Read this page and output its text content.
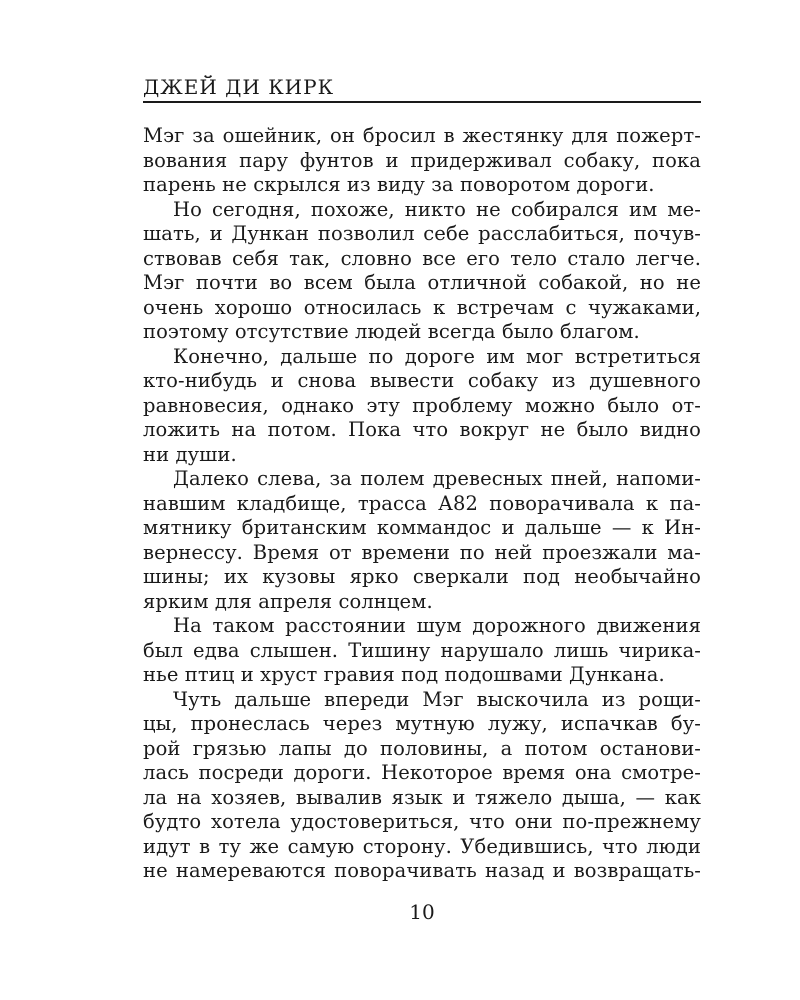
ДЖЕЙ ДИ КИРК
Мэг за ошейник, он бросил в жестянку для пожерт-
вования пару фунтов и придерживал собаку, пока
парень не скрылся из виду за поворотом дороги.
Но сегодня, похоже, никто не собирался им ме-
шать, и Дункан позволил себе расслабиться, почув-
ствовав себя так, словно все его тело стало легче.
Мэг почти во всем была отличной собакой, но не
очень хорошо относилась к встречам с чужаками,
поэтому отсутствие людей всегда было благом.
Конечно, дальше по дороге им мог встретиться
кто-нибудь и снова вывести собаку из душевного
равновесия, однако эту проблему можно было от-
ложить на потом. Пока что вокруг не было видно
ни души.
Далеко слева, за полем древесных пней, напоми-
навшим кладбище, трасса А82 поворачивала к па-
мятнику британским коммандос и дальше — к Ин-
вернессу. Время от времени по ней проезжали ма-
шины; их кузовы ярко сверкали под необычайно
ярким для апреля солнцем.
На таком расстоянии шум дорожного движения
был едва слышен. Тишину нарушало лишь чирика-
нье птиц и хруст гравия под подошвами Дункана.
Чуть дальше впереди Мэг выскочила из рощи-
цы, пронеслась через мутную лужу, испачкав бу-
рой грязью лапы до половины, а потом останови-
лась посреди дороги. Некоторое время она смотре-
ла на хозяев, вывалив язык и тяжело дыша, — как
будто хотела удостовериться, что они по-прежнему
идут в ту же самую сторону. Убедившись, что люди
не намереваются поворачивать назад и возвращать-
10
